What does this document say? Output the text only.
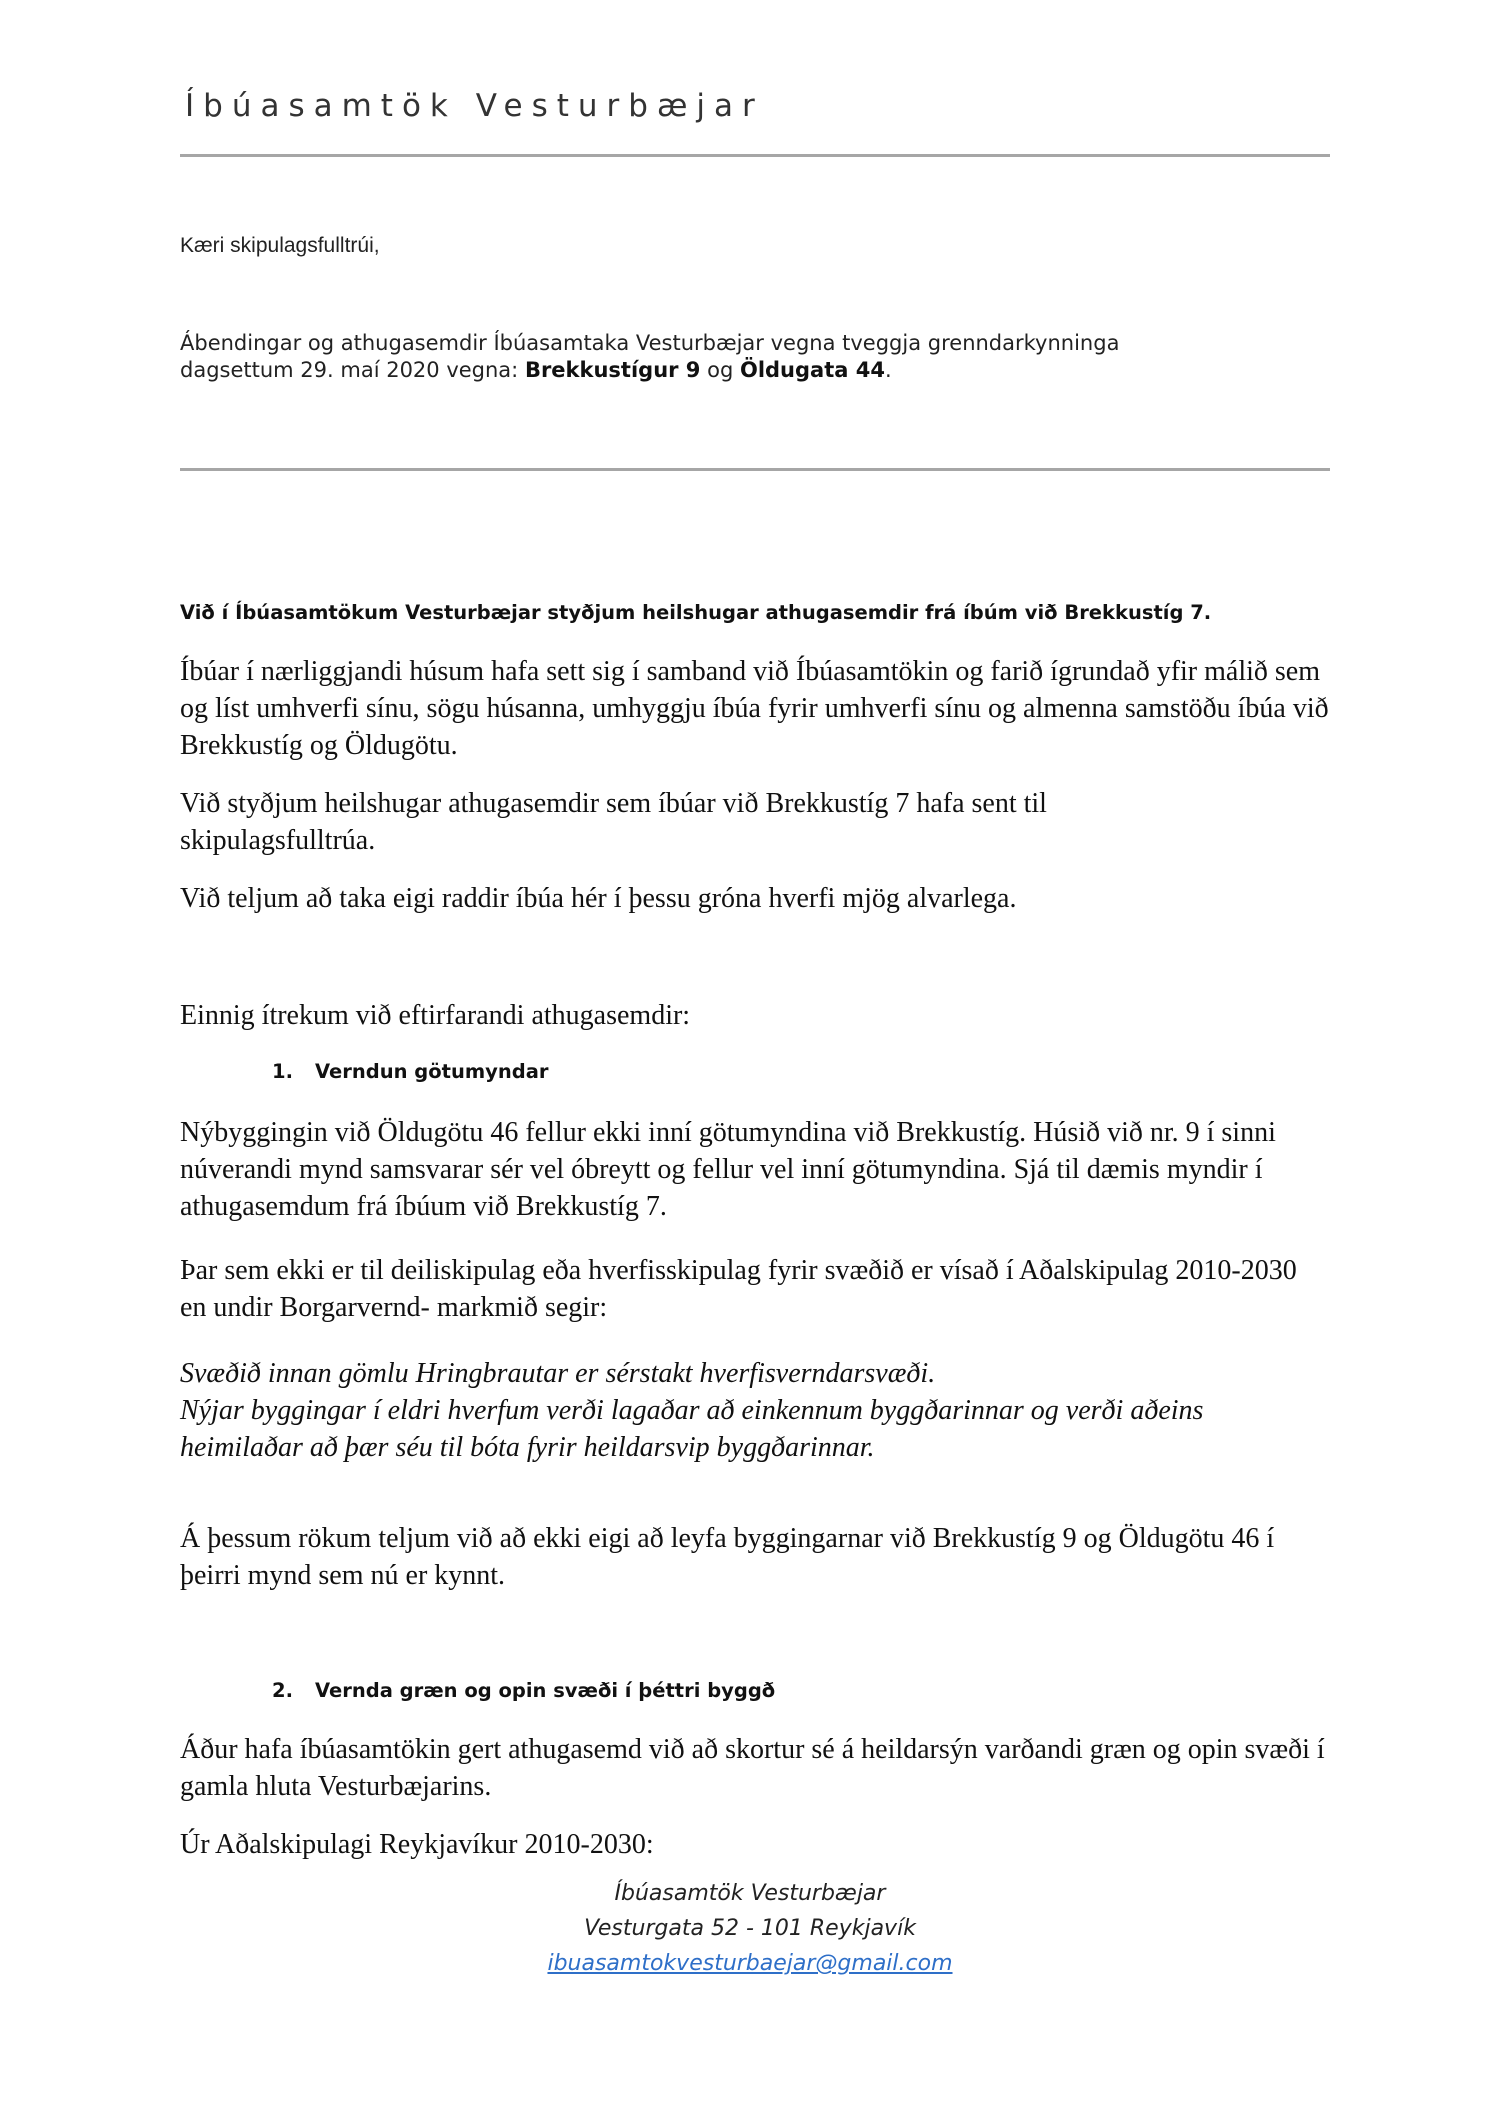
Íbúasamtök Vesturbæjar
Kæri skipulagsfulltrúi,
Ábendingar og athugasemdir Íbúasamtaka Vesturbæjar vegna tveggja grenndarkynninga
dagsettum 29. maí 2020 vegna: Brekkustígur 9 og Öldugata 44.
Við í Íbúasamtökum Vesturbæjar styðjum heilshugar athugasemdir frá íbúm við Brekkustíg 7.

Íbúar í nærliggjandi húsum hafa sett sig í samband við Íbúasamtökin og farið ígrundað yfir málið sem og líst umhverfi sínu, sögu húsanna, umhyggju íbúa fyrir umhverfi sínu og almenna samstöðu íbúa við Brekkustíg og Öldugötu.

Við styðjum heilshugar athugasemdir sem íbúar við Brekkustíg 7 hafa sent til skipulagsfulltrúa.

Við teljum að taka eigi raddir íbúa hér í þessu gróna hverfi mjög alvarlega.

Einnig ítrekum við eftirfarandi athugasemdir:

1. Verndun götumyndar

Nýbyggingin við Öldugötu 46 fellur ekki inní götumyndina við Brekkustíg. Húsið við nr. 9 í sinni núverandi mynd samsvarar sér vel óbreytt og fellur vel inní götumyndina. Sjá til dæmis myndir í athugasemdum frá íbúum við Brekkustíg 7.

Þar sem ekki er til deiliskipulag eða hverfisskipulag fyrir svæðið er vísað í Aðalskipulag 2010-2030 en undir Borgarvernd- markmið segir:

Svæðið innan gömlu Hringbrautar er sérstakt hverfisverndarsvæði.
Nýjar byggingar í eldri hverfum verði lagaðar að einkennum byggðarinnar og verði aðeins heimilaðar að þær séu til bóta fyrir heildarsvip byggðarinnar.

Á þessum rökum teljum við að ekki eigi að leyfa byggingarnar við Brekkustíg 9 og Öldugötu 46 í þeirri mynd sem nú er kynnt.

2. Vernda græn og opin svæði í þéttri byggð

Áður hafa íbúasamtökin gert athugasemd við að skortur sé á heildarsýn varðandi græn og opin svæði í gamla hluta Vesturbæjarins.

Úr Aðalskipulagi Reykjavíkur 2010-2030:

Íbúasamtök Vesturbæjar
Vesturgata 52 - 101 Reykjavík
ibuasamtokvesturbaejar@gmail.com
